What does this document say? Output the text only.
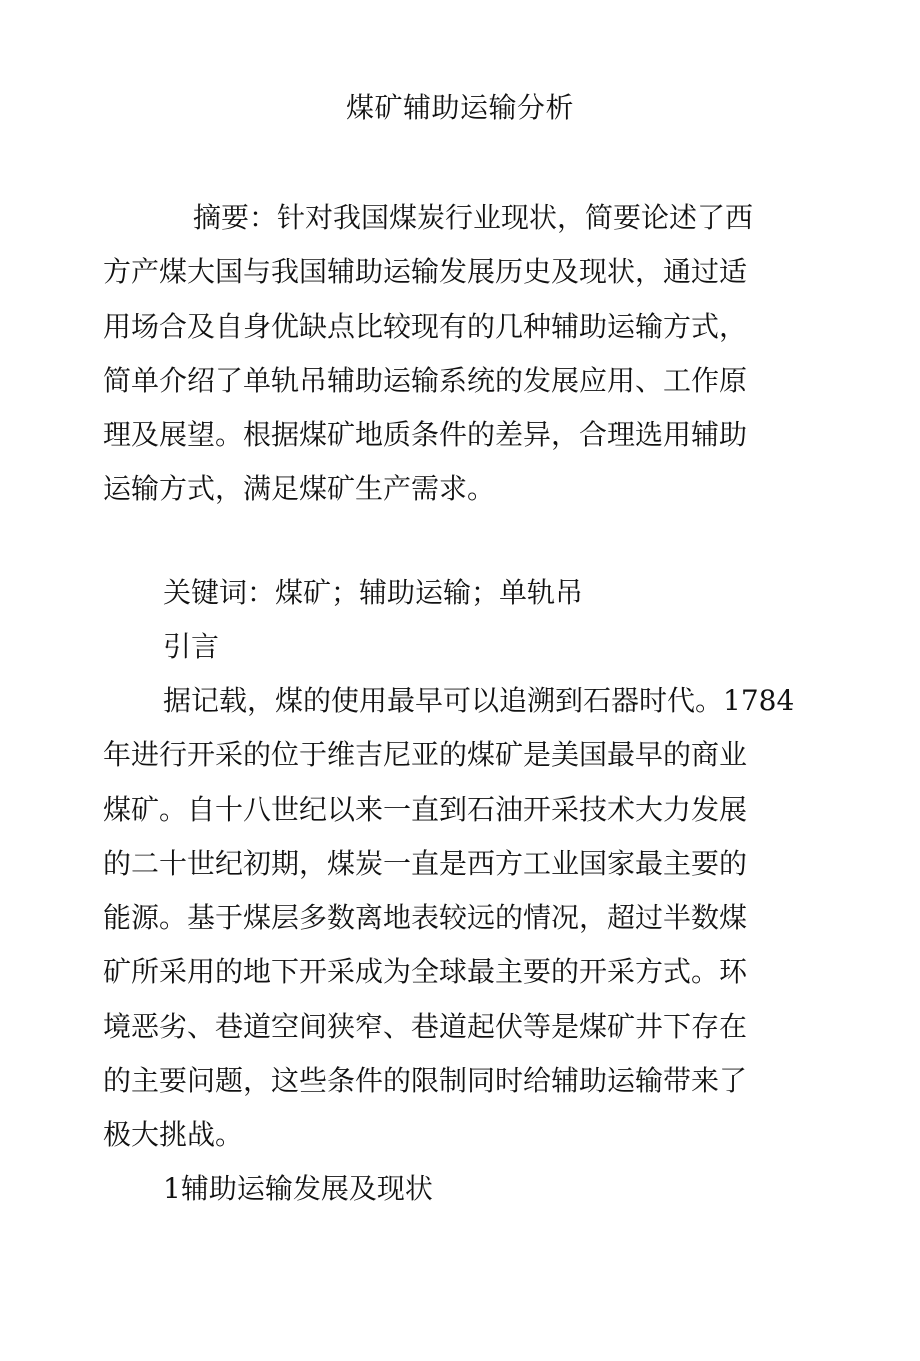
煤矿辅助运输分析
摘要：针对我国煤炭行业现状，简要论述了西
方产煤大国与我国辅助运输发展历史及现状，通过适
用场合及自身优缺点比较现有的几种辅助运输方式，
简单介绍了单轨吊辅助运输系统的发展应用、工作原
理及展望。根据煤矿地质条件的差异，合理选用辅助
运输方式，满足煤矿生产需求。
关键词：煤矿；辅助运输；单轨吊
引言
据记载，煤的使用最早可以追溯到石器时代。1784
年进行开采的位于维吉尼亚的煤矿是美国最早的商业
煤矿。自十八世纪以来一直到石油开采技术大力发展
的二十世纪初期，煤炭一直是西方工业国家最主要的
能源。基于煤层多数离地表较远的情况，超过半数煤
矿所采用的地下开采成为全球最主要的开采方式。环
境恶劣、巷道空间狭窄、巷道起伏等是煤矿井下存在
的主要问题，这些条件的限制同时给辅助运输带来了
极大挑战。
1辅助运输发展及现状
